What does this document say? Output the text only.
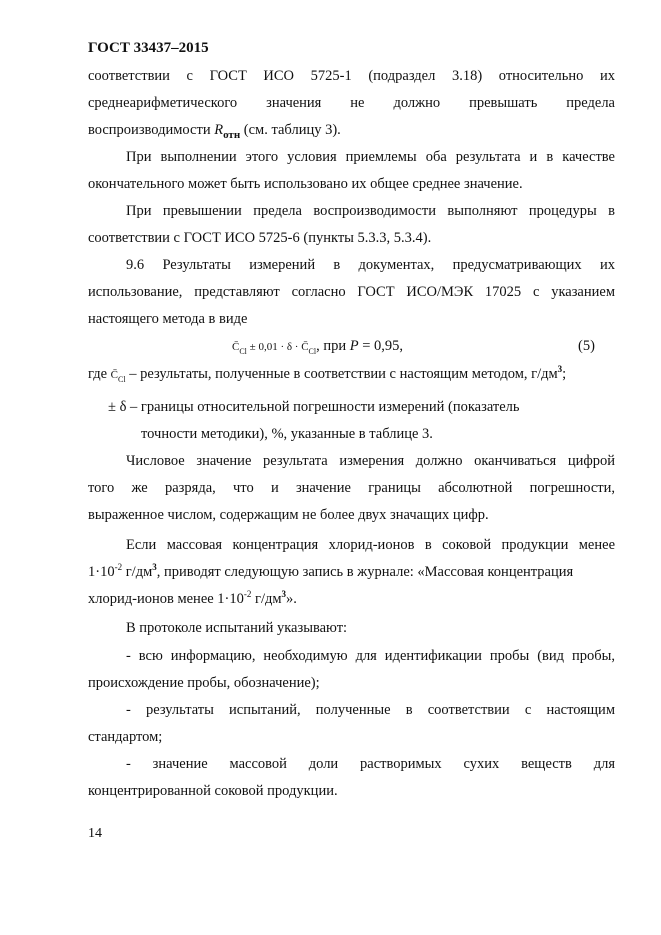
ГОСТ 33437–2015
соответствии с ГОСТ ИСО 5725-1 (подраздел 3.18) относительно их
среднеарифметического значения не должно превышать предела
воспроизводимости $R_{отн}$ (см. таблицу 3).
При выполнении этого условия приемлемы оба результата и в качестве
окончательного может быть использовано их общее среднее значение.
При превышении предела воспроизводимости выполняют процедуры в
соответствии с ГОСТ ИСО 5725-6 (пункты 5.3.3, 5.3.4).
9.6 Результаты измерений в документах, предусматривающих их
использование, представляют согласно ГОСТ ИСО/МЭК 17025 с указанием
настоящего метода в виде
$C̄_{Cl} \pm 0,01 \cdot \delta$ · $C̄_{Cl}$, при P = 0,95,	(5)
где $C̄_{Cl}$ – результаты, полученные в соответствии с настоящим методом, $г/дм^3$;
± δ – границы относительной погрешности измерений (показатель
точности методики), %, указанные в таблице 3.
Числовое значение результата измерения должно оканчиваться цифрой
того же разряда, что и значение границы абсолютной погрешности,
выраженное числом, содержащим не более двух значащих цифр.
Если массовая концентрация хлорид-ионов в соковой продукции менее
$1\cdot 10^{-2}$ $г/дм^3$, приводят следующую запись в журнале: «Массовая концентрация
хлорид-ионов менее $1\cdot 10^{-2}$ $г/дм^3$».
В протоколе испытаний указывают:
- всю информацию, необходимую для идентификации пробы (вид пробы,
происхождение пробы, обозначение);
- результаты испытаний, полученные в соответствии с настоящим
стандартом;
- значение массовой доли растворимых сухих веществ для
концентрированной соковой продукции.
14
